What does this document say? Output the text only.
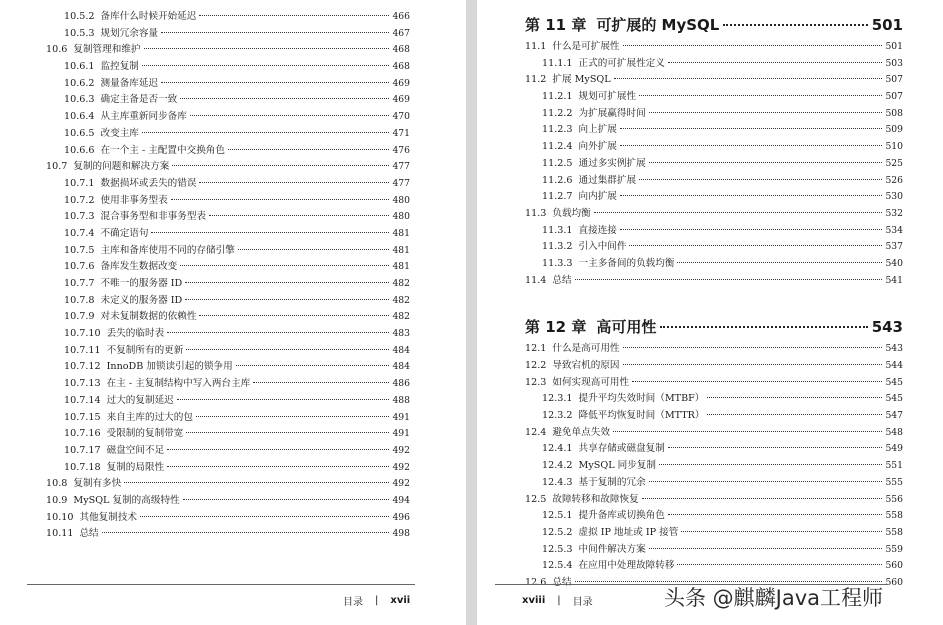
10.5.2 备库什么时候开始延迟	466
10.5.3 规划冗余容量	467
10.6 复制管理和维护	468
10.6.1 监控复制	468
10.6.2 测量备库延迟	469
10.6.3 确定主备是否一致	469
10.6.4 从主库重新同步备库	470
10.6.5 改变主库	471
10.6.6 在一个主 - 主配置中交换角色	476
10.7 复制的问题和解决方案	477
10.7.1 数据损坏或丢失的错误	477
10.7.2 使用非事务型表	480
10.7.3 混合事务型和非事务型表	480
10.7.4 不确定语句	481
10.7.5 主库和备库使用不同的存储引擎	481
10.7.6 备库发生数据改变	481
10.7.7 不唯一的服务器 ID	482
10.7.8 未定义的服务器 ID	482
10.7.9 对未复制数据的依赖性	482
10.7.10 丢失的临时表	483
10.7.11 不复制所有的更新	484
10.7.12 InnoDB 加锁读引起的锁争用	484
10.7.13 在主 - 主复制结构中写入两台主库	486
10.7.14 过大的复制延迟	488
10.7.15 来自主库的过大的包	491
10.7.16 受限制的复制带宽	491
10.7.17 磁盘空间不足	492
10.7.18 复制的局限性	492
10.8 复制有多快	492
10.9 MySQL 复制的高级特性	494
10.10 其他复制技术	496
10.11 总结	498
目录 | xvii
第 11 章 可扩展的 MySQL	501
11.1 什么是可扩展性	501
11.1.1 正式的可扩展性定义	503
11.2 扩展 MySQL	507
11.2.1 规划可扩展性	507
11.2.2 为扩展赢得时间	508
11.2.3 向上扩展	509
11.2.4 向外扩展	510
11.2.5 通过多实例扩展	525
11.2.6 通过集群扩展	526
11.2.7 向内扩展	530
11.3 负载均衡	532
11.3.1 直接连接	534
11.3.2 引入中间件	537
11.3.3 一主多备间的负载均衡	540
11.4 总结	541
第 12 章 高可用性	543
12.1 什么是高可用性	543
12.2 导致宕机的原因	544
12.3 如何实现高可用性	545
12.3.1 提升平均失效时间（MTBF）	545
12.3.2 降低平均恢复时间（MTTR）	547
12.4 避免单点失效	548
12.4.1 共享存储或磁盘复制	549
12.4.2 MySQL 同步复制	551
12.4.3 基于复制的冗余	555
12.5 故障转移和故障恢复	556
12.5.1 提升备库或切换角色	558
12.5.2 虚拟 IP 地址或 IP 接管	558
12.5.3 中间件解决方案	559
12.5.4 在应用中处理故障转移	560
12.6 总结	560
xviii | 目录	头条 @麒麟Java工程师
